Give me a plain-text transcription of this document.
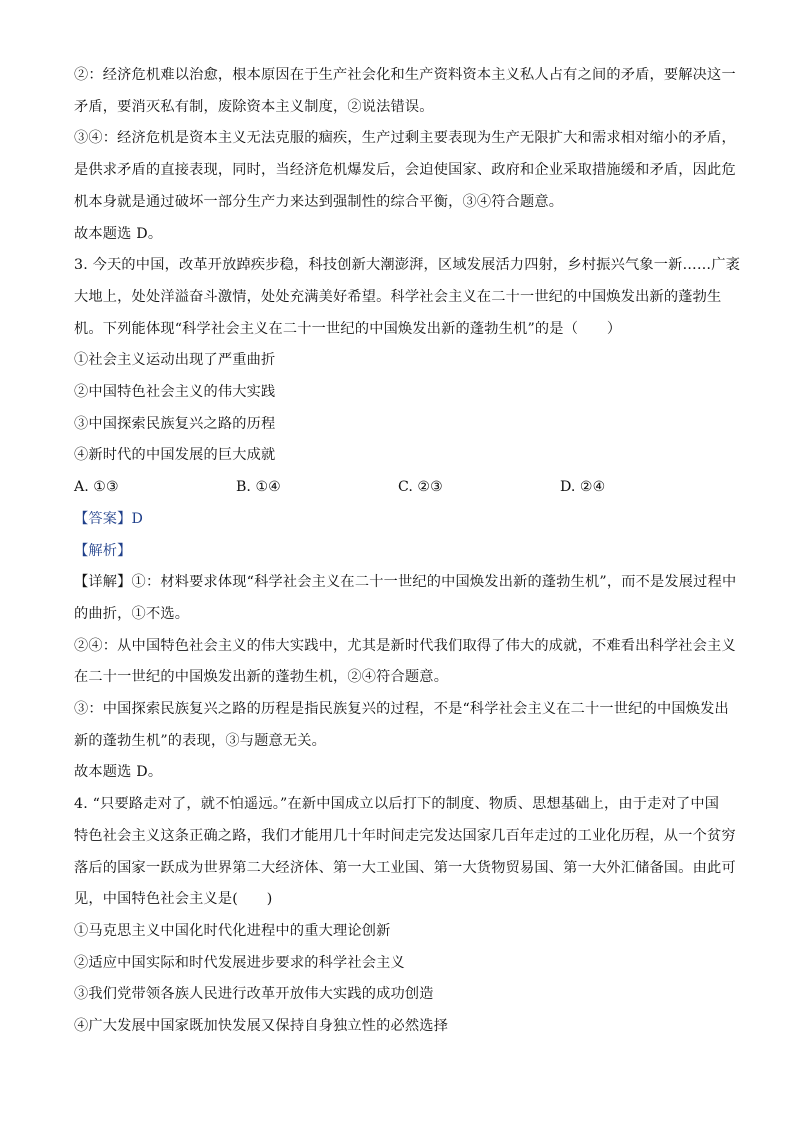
②：经济危机难以治愈，根本原因在于生产社会化和生产资料资本主义私人占有之间的矛盾，要解决这一
矛盾，要消灭私有制，废除资本主义制度，②说法错误。
③④：经济危机是资本主义无法克服的痼疾，生产过剩主要表现为生产无限扩大和需求相对缩小的矛盾，
是供求矛盾的直接表现，同时，当经济危机爆发后，会迫使国家、政府和企业采取措施缓和矛盾，因此危
机本身就是通过破坏一部分生产力来达到强制性的综合平衡，③④符合题意。
故本题选 D。
3. 今天的中国，改革开放踔疾步稳，科技创新大潮澎湃，区域发展活力四射，乡村振兴气象一新……广袤
大地上，处处洋溢奋斗激情，处处充满美好希望。科学社会主义在二十一世纪的中国焕发出新的蓬勃生
机。下列能体现“科学社会主义在二十一世纪的中国焕发出新的蓬勃生机”的是（　　）
①社会主义运动出现了严重曲折
②中国特色社会主义的伟大实践
③中国探索民族复兴之路的历程
④新时代的中国发展的巨大成就
A. ①③	B. ①④	C. ②③	D. ②④
【答案】D
【解析】
【详解】①：材料要求体现“科学社会主义在二十一世纪的中国焕发出新的蓬勃生机”，而不是发展过程中
的曲折，①不选。
②④：从中国特色社会主义的伟大实践中，尤其是新时代我们取得了伟大的成就，不难看出科学社会主义
在二十一世纪的中国焕发出新的蓬勃生机，②④符合题意。
③：中国探索民族复兴之路的历程是指民族复兴的过程，不是“科学社会主义在二十一世纪的中国焕发出
新的蓬勃生机”的表现，③与题意无关。
故本题选 D。
4. “只要路走对了，就不怕遥远。”在新中国成立以后打下的制度、物质、思想基础上，由于走对了中国
特色社会主义这条正确之路，我们才能用几十年时间走完发达国家几百年走过的工业化历程，从一个贫穷
落后的国家一跃成为世界第二大经济体、第一大工业国、第一大货物贸易国、第一大外汇储备国。由此可
见，中国特色社会主义是(　　)
①马克思主义中国化时代化进程中的重大理论创新
②适应中国实际和时代发展进步要求的科学社会主义
③我们党带领各族人民进行改革开放伟大实践的成功创造
④广大发展中国家既加快发展又保持自身独立性的必然选择
